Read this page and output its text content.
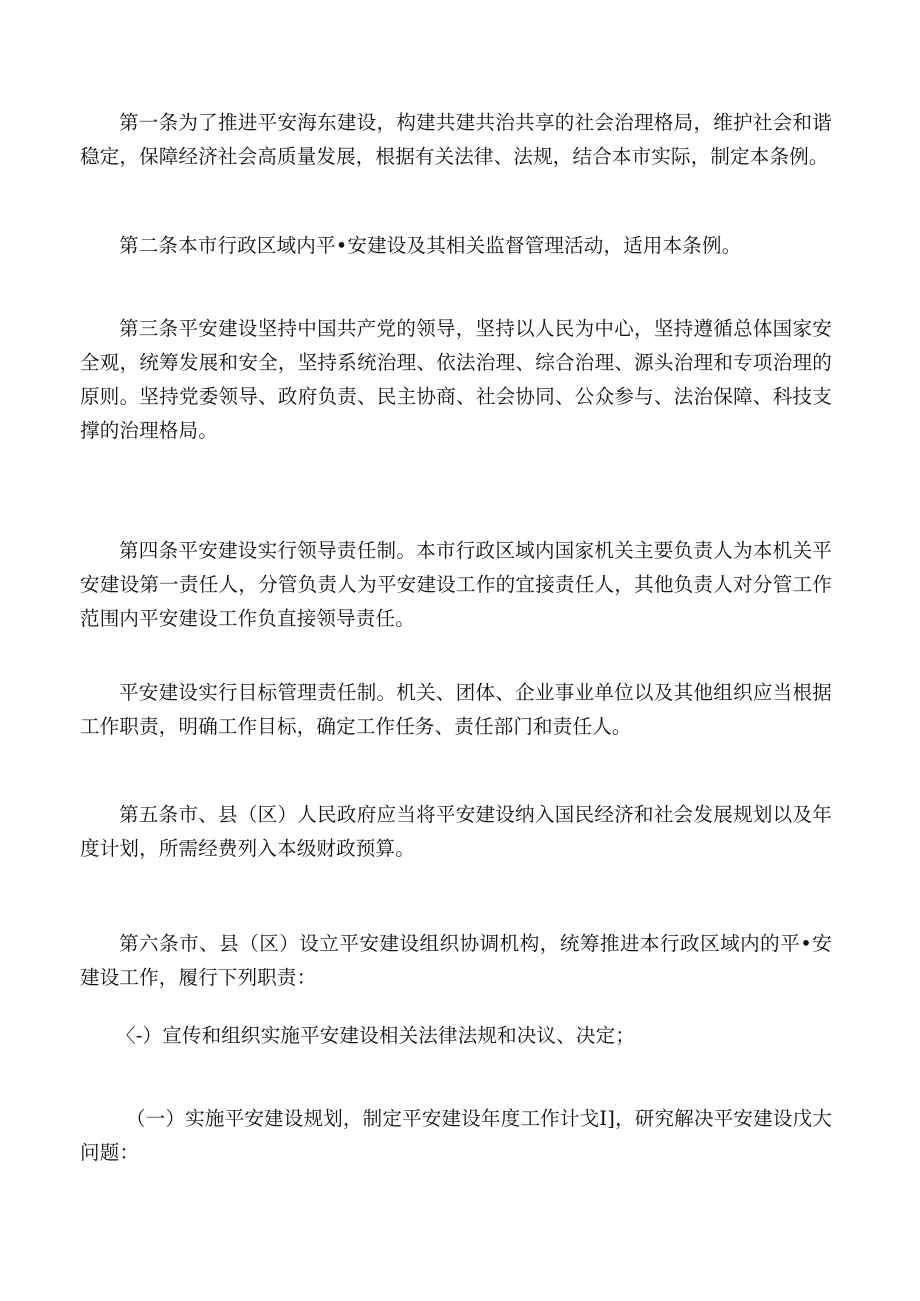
第一条为了推进平安海东建设，构建共建共治共享的社会治理格局，维护社会和谐稳定，保障经济社会高质量发展，根据有关法律、法规，结合本市实际，制定本条例。

第二条本市行政区域内平•安建设及其相关监督管理活动，适用本条例。

第三条平安建设坚持中国共产党的领导，坚持以人民为中心，坚持遵循总体国家安全观，统筹发展和安全，坚持系统治理、依法治理、综合治理、源头治理和专项治理的原则。坚持党委领导、政府负责、民主协商、社会协同、公众参与、法治保障、科技支撑的治理格局。

第四条平安建设实行领导责任制。本市行政区域内国家机关主要负责人为本机关平安建设第一责任人，分管负责人为平安建设工作的宜接责任人，其他负责人对分管工作范围内平安建设工作负直接领导责任。

平安建设实行目标管理责任制。机关、团体、企业事业单位以及其他组织应当根据工作职责，明确工作目标，确定工作任务、责任部门和责任人。

第五条市、县（区）人民政府应当将平安建设纳入国民经济和社会发展规划以及年度计划，所需经费列入本级财政预算。

第六条市、县（区）设立平安建设组织协调机构，统筹推进本行政区域内的平•安建设工作，履行下列职责：

〈-）宣传和组织实施平安建设相关法律法规和决议、决定；

（一）实施平安建设规划，制定平安建设年度工作计戈I]，研究解决平安建设戊大问题：
